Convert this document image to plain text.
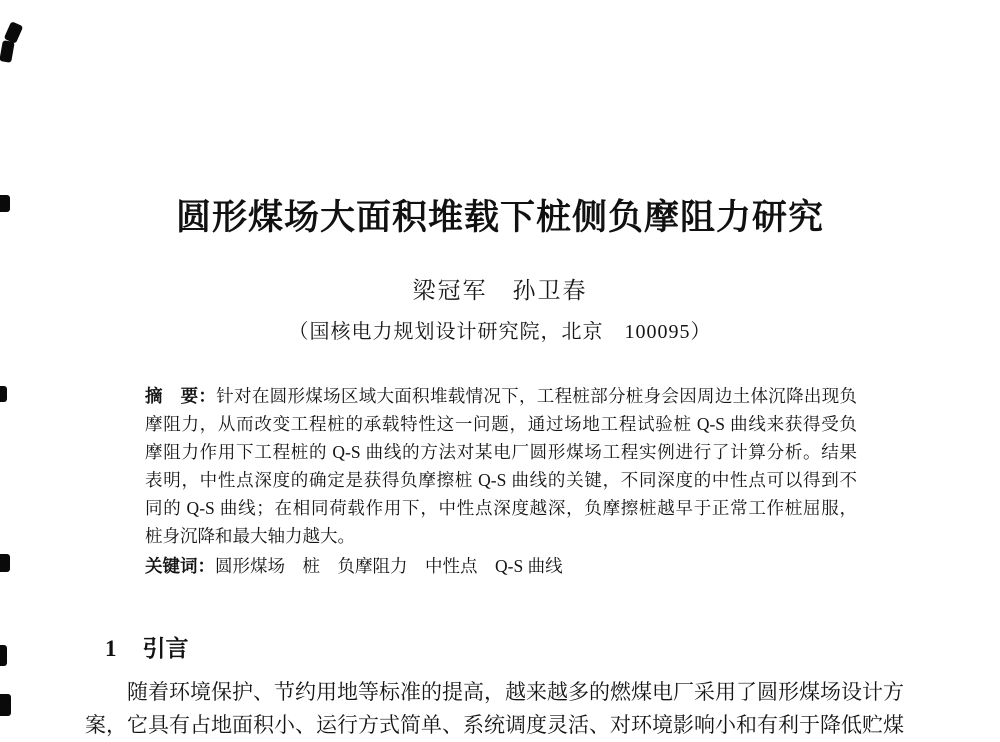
圆形煤场大面积堆载下桩侧负摩阻力研究
梁冠军　孙卫春
（国核电力规划设计研究院，北京　100095）
摘　要：针对在圆形煤场区域大面积堆载情况下，工程桩部分桩身会因周边土体沉降出现负
摩阻力，从而改变工程桩的承载特性这一问题，通过场地工程试验桩 Q-S 曲线来获得受负
摩阻力作用下工程桩的 Q-S 曲线的方法对某电厂圆形煤场工程实例进行了计算分析。结果
表明，中性点深度的确定是获得负摩擦桩 Q-S 曲线的关键，不同深度的中性点可以得到不
同的 Q-S 曲线；在相同荷载作用下，中性点深度越深，负摩擦桩越早于正常工作桩屈服，
桩身沉降和最大轴力越大。
关键词：圆形煤场　桩　负摩阻力　中性点　Q-S 曲线
1 引言
随着环境保护、节约用地等标准的提高，越来越多的燃煤电厂采用了圆形煤场设计方
案，它具有占地面积小、运行方式简单、系统调度灵活、对环境影响小和有利于降低贮煤
